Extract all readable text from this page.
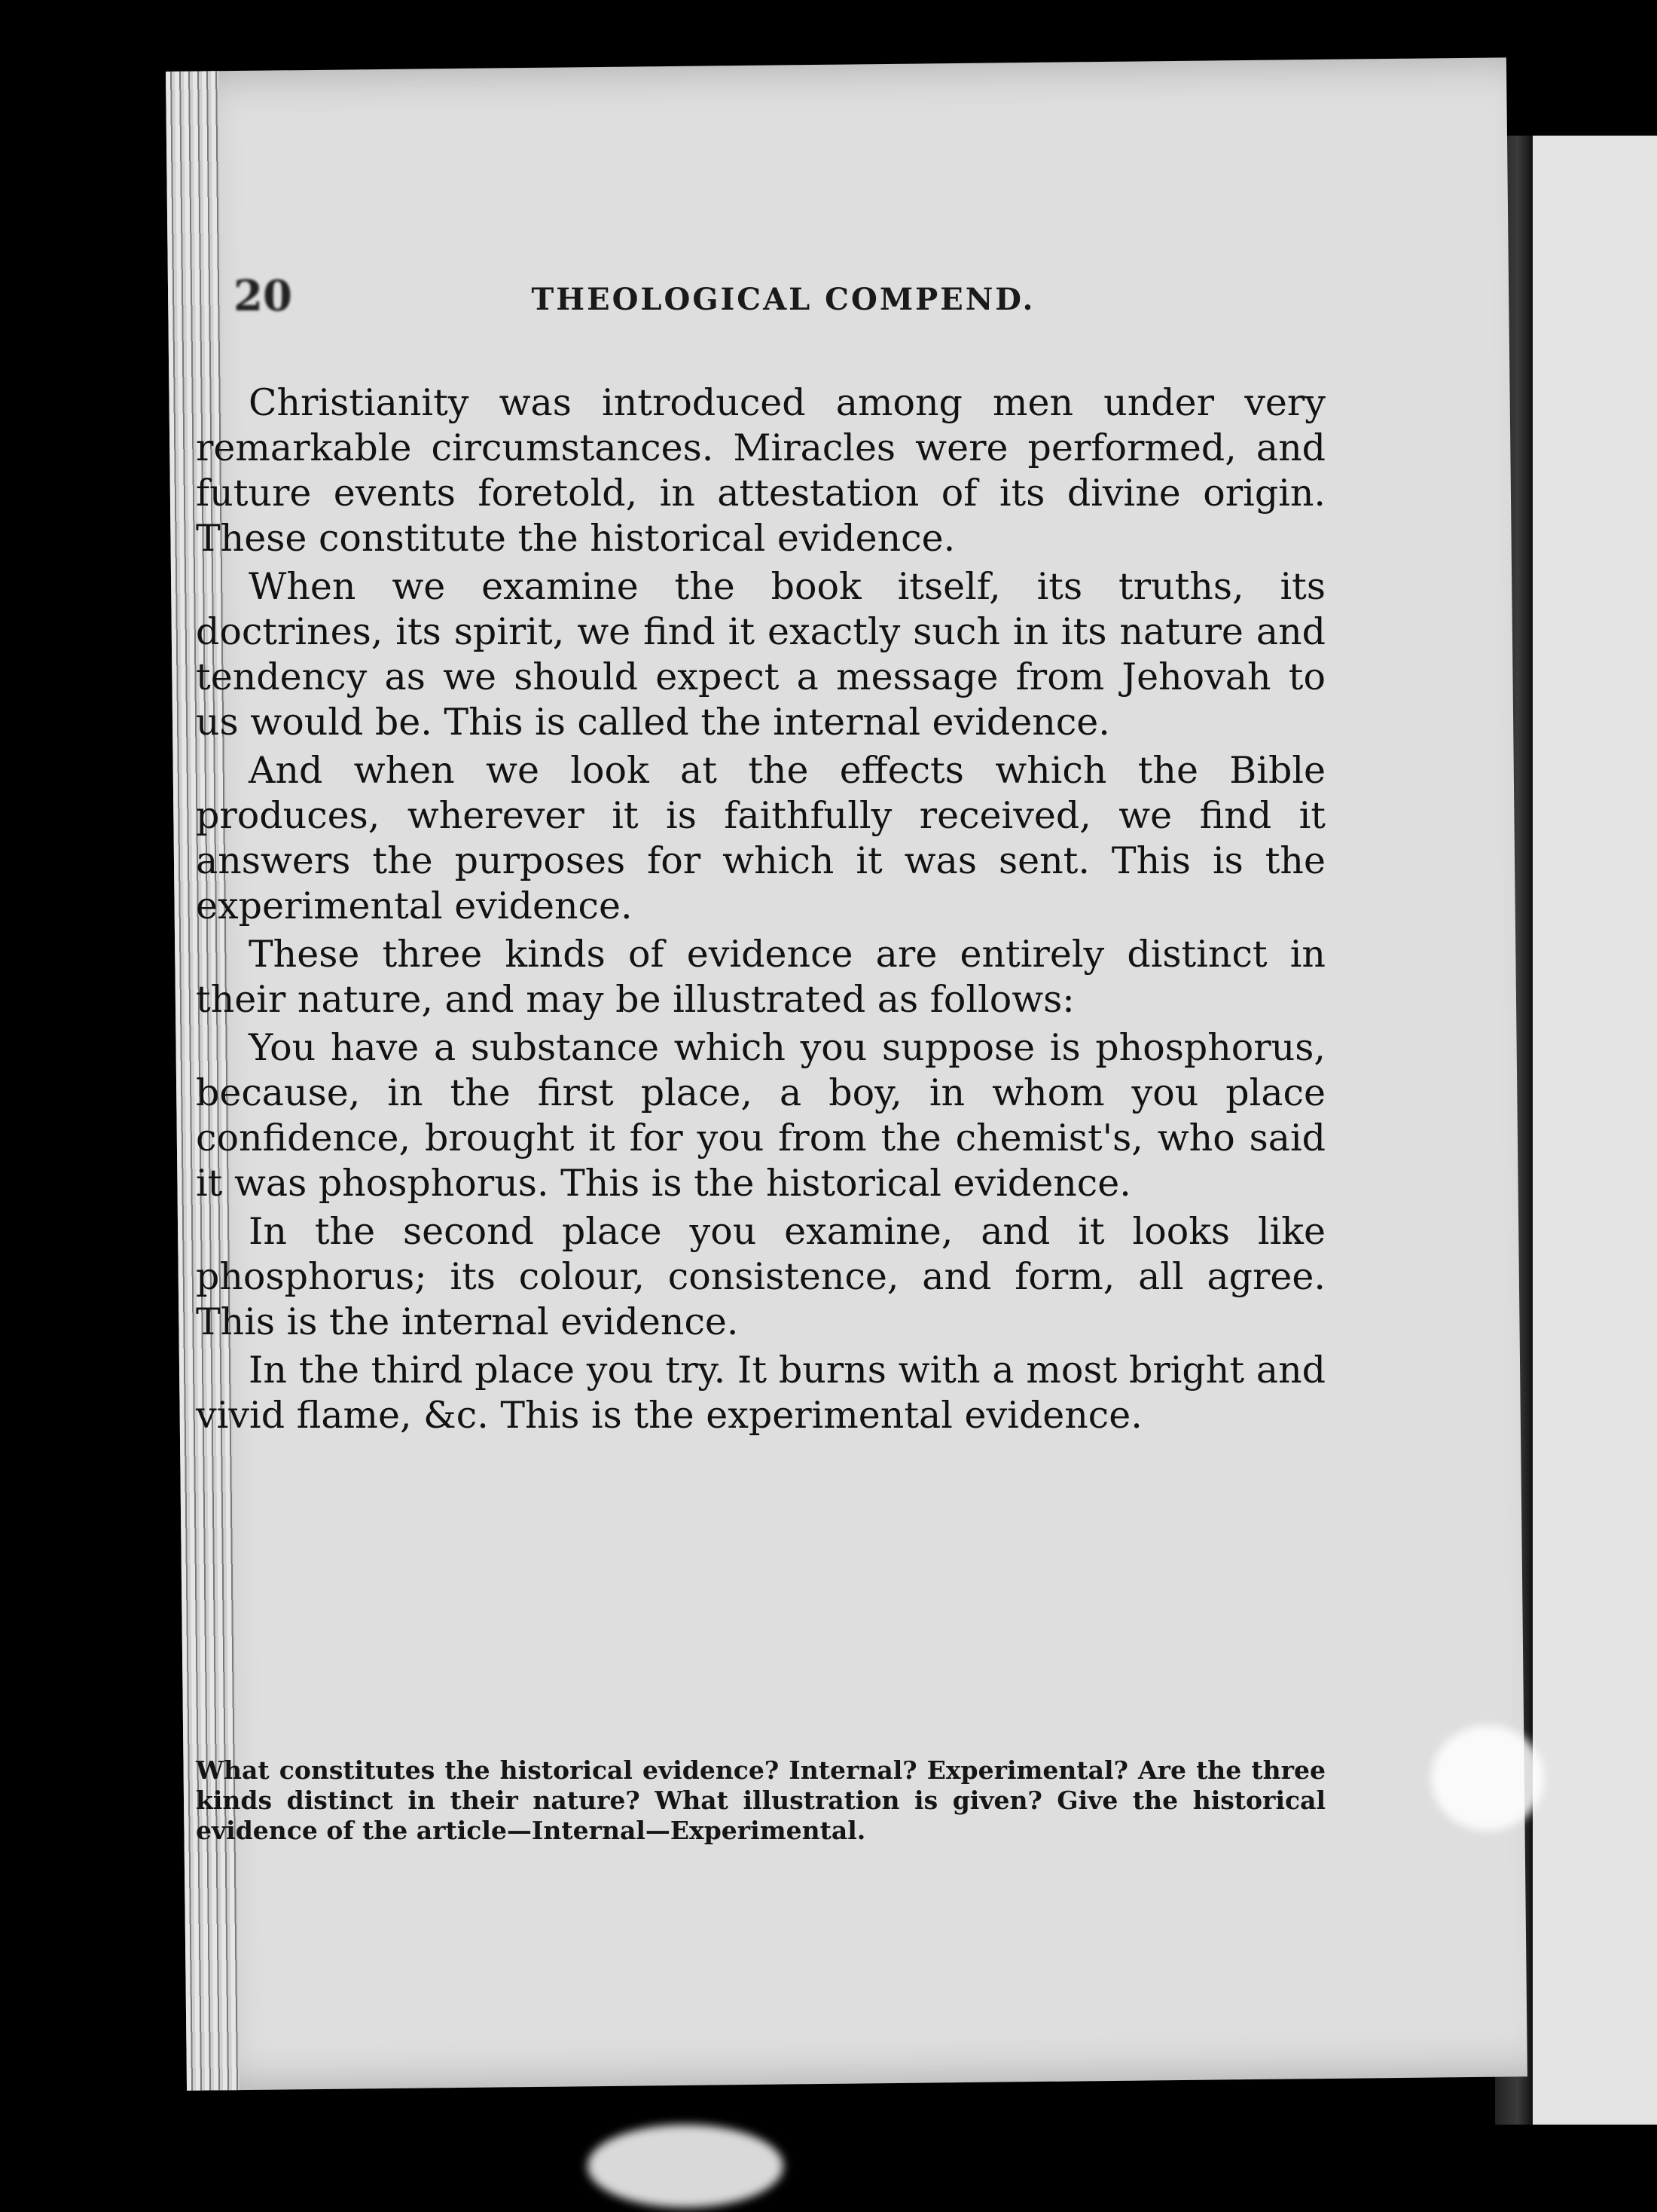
20	THEOLOGICAL COMPEND.

Christianity was introduced among men under very remarkable circumstances. Miracles were performed, and future events foretold, in attestation of its divine origin. These constitute the historical evidence.

When we examine the book itself, its truths, its doctrines, its spirit, we find it exactly such in its nature and tendency as we should expect a message from Jehovah to us would be. This is called the internal evidence.

And when we look at the effects which the Bible produces, wherever it is faithfully received, we find it answers the purposes for which it was sent. This is the experimental evidence.

These three kinds of evidence are entirely distinct in their nature, and may be illustrated as follows:

You have a substance which you suppose is phosphorus, because, in the first place, a boy, in whom you place confidence, brought it for you from the chemist's, who said it was phosphorus. This is the historical evidence.

In the second place you examine, and it looks like phosphorus; its colour, consistence, and form, all agree. This is the internal evidence.

In the third place you try. It burns with a most bright and vivid flame, &c. This is the experimental evidence.

What constitutes the historical evidence? Internal? Experimental? Are the three kinds distinct in their nature? What illustration is given? Give the historical evidence of the article—Internal—Experimental.
